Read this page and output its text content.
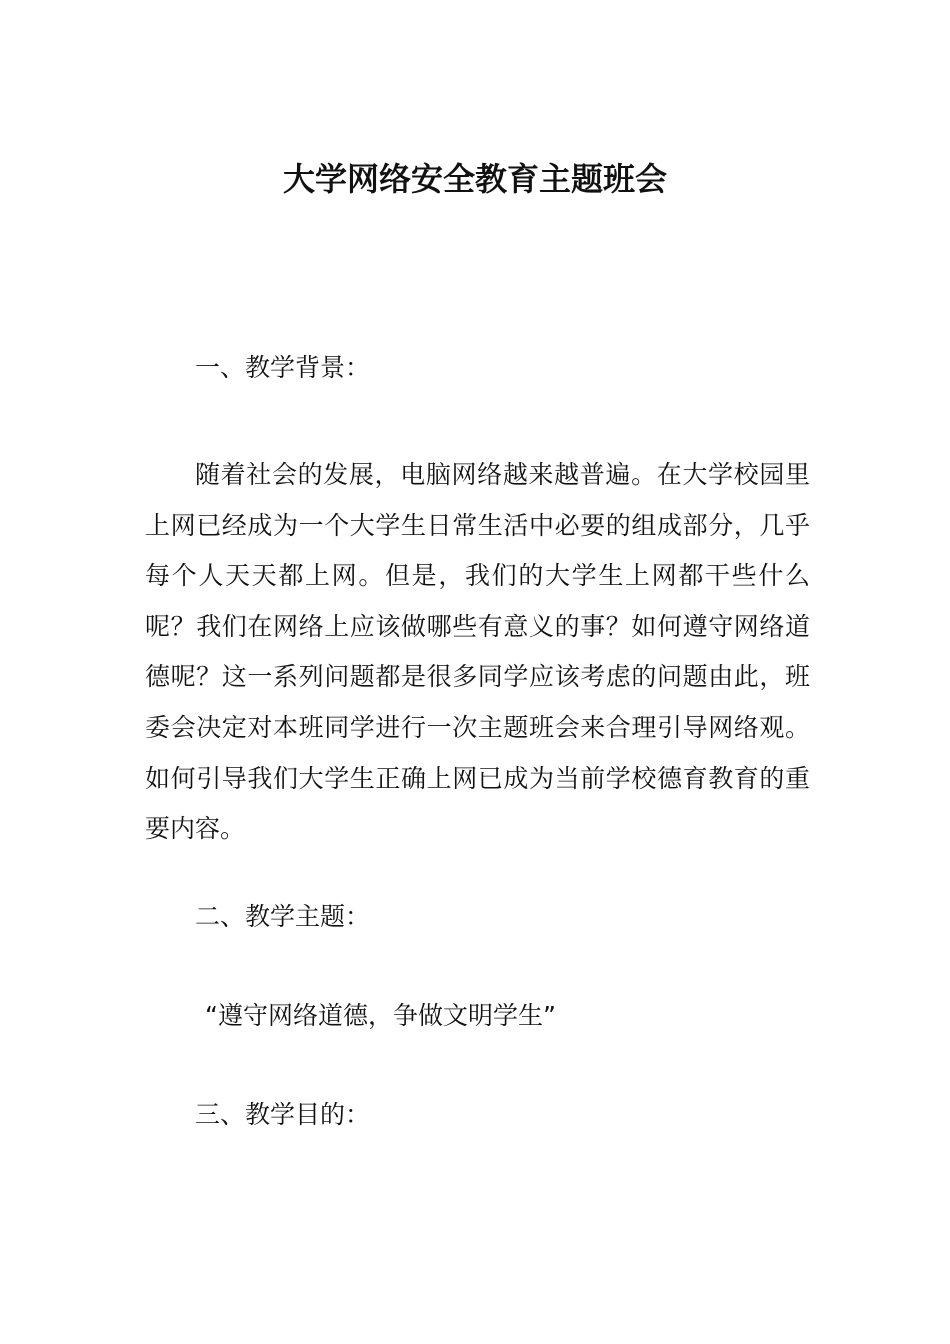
大学网络安全教育主题班会

一、教学背景：

随着社会的发展，电脑网络越来越普遍。在大学校园里上网已经成为一个大学生日常生活中必要的组成部分，几乎每个人天天都上网。但是，我们的大学生上网都干些什么呢？我们在网络上应该做哪些有意义的事？如何遵守网络道德呢？这一系列问题都是很多同学应该考虑的问题由此，班委会决定对本班同学进行一次主题班会来合理引导网络观。如何引导我们大学生正确上网已成为当前学校德育教育的重要内容。

二、教学主题：

“遵守网络道德，争做文明学生”

三、教学目的：
